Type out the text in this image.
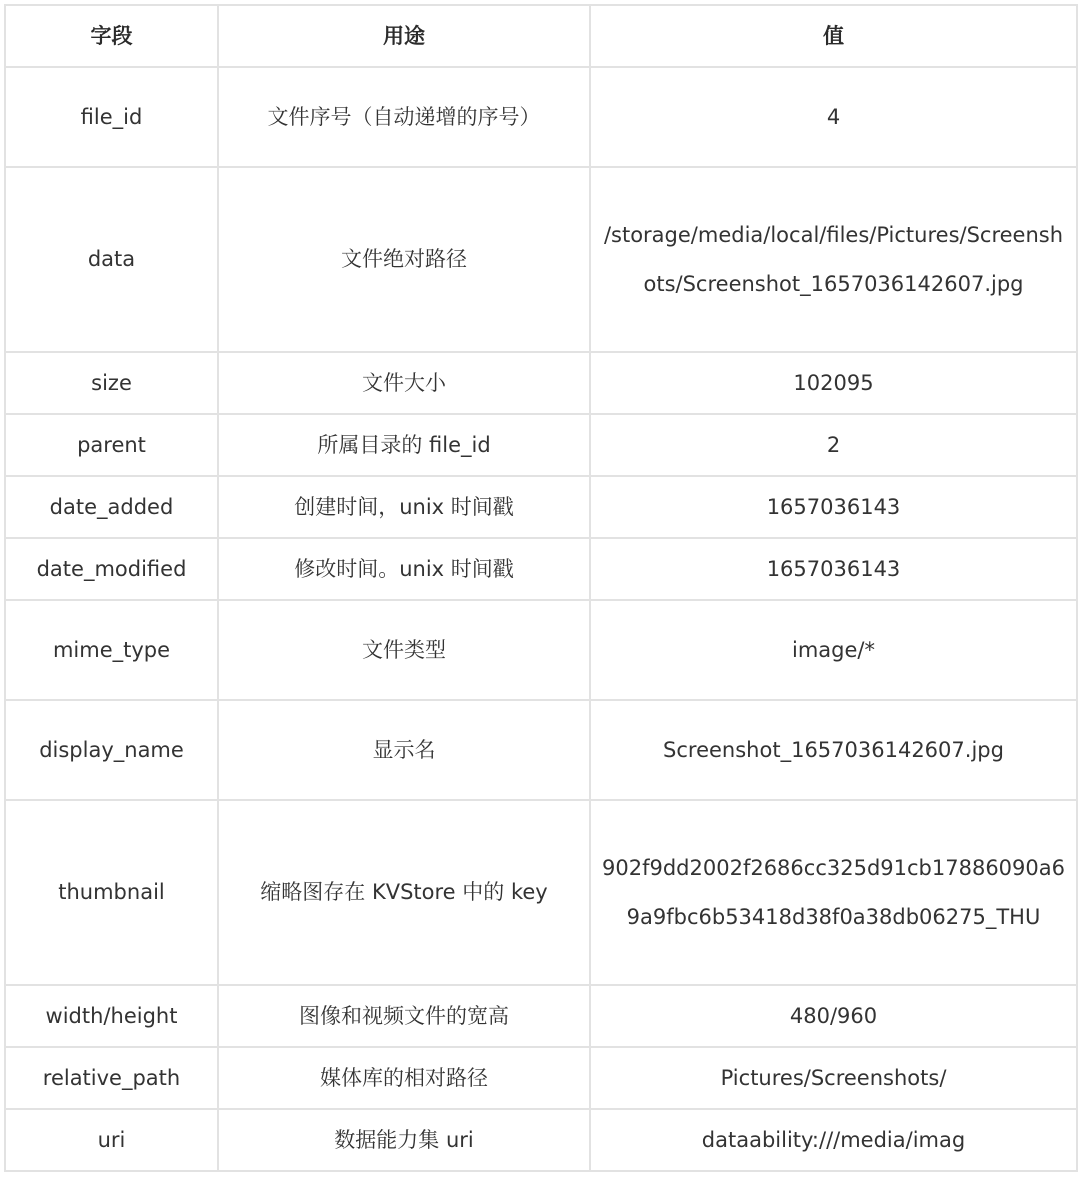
字段	用途	值
file_id	文件序号（自动递增的序号）	4
data	文件绝对路径	/storage/media/local/files/Pictures/Screenshots/Screenshot_1657036142607.jpg
size	文件大小	102095
parent	所属目录的 file_id	2
date_added	创建时间，unix 时间戳	1657036143
date_modified	修改时间。unix 时间戳	1657036143
mime_type	文件类型	image/*
display_name	显示名	Screenshot_1657036142607.jpg
thumbnail	缩略图存在 KVStore 中的 key	902f9dd2002f2686cc325d91cb17886090a69a9fbc6b53418d38f0a38db06275_THU
width/height	图像和视频文件的宽高	480/960
relative_path	媒体库的相对路径	Pictures/Screenshots/
uri	数据能力集 uri	dataability:///media/imag
